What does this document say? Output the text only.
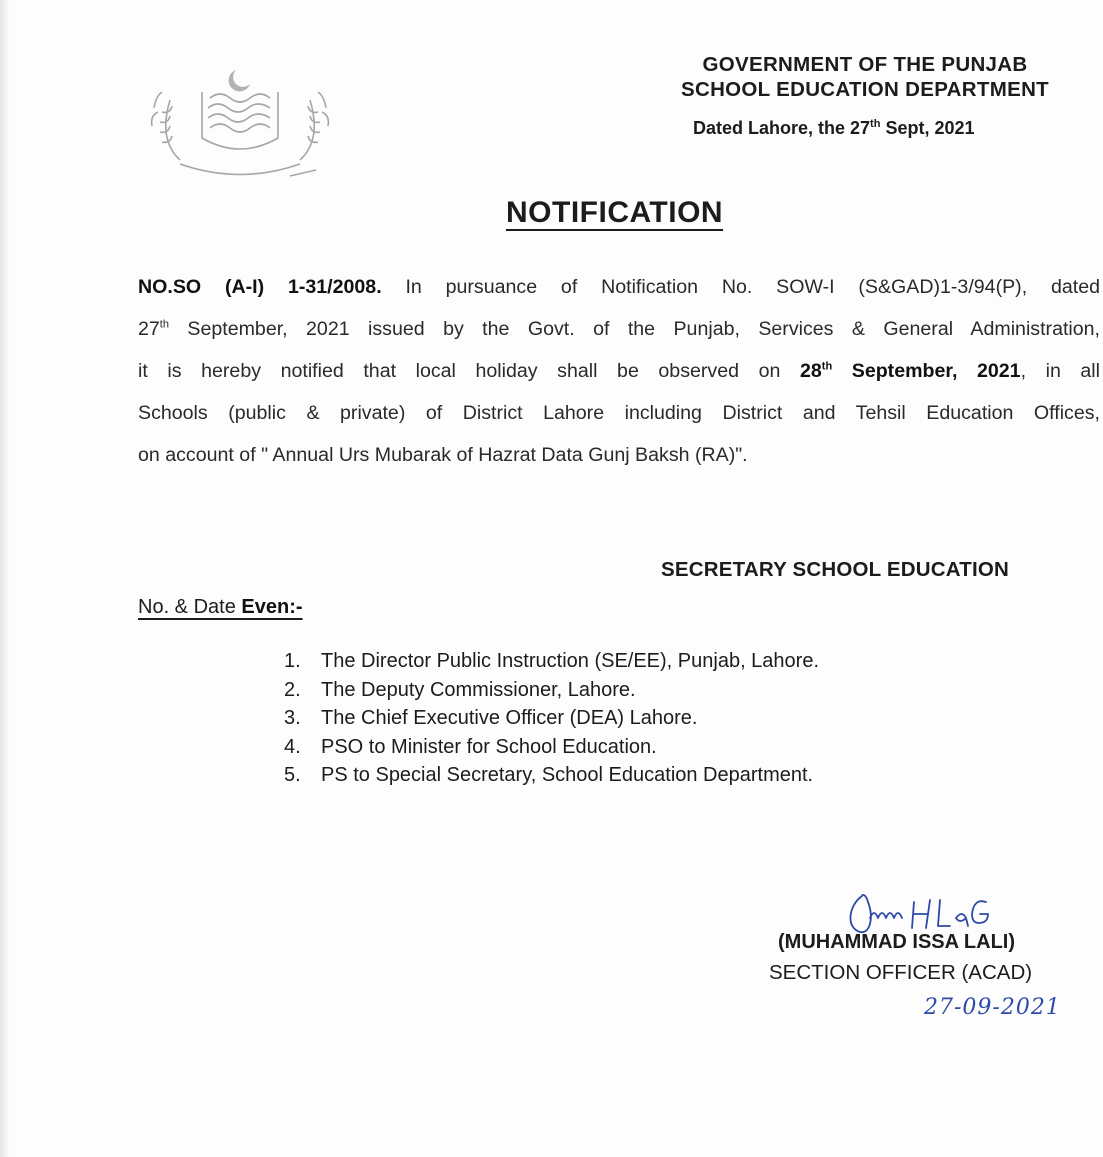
GOVERNMENT OF THE PUNJAB
SCHOOL EDUCATION DEPARTMENT
Dated Lahore, the 27th Sept, 2021
NOTIFICATION
NO.SO (A-I) 1-31/2008. In pursuance of Notification No. SOW-I (S&GAD)1-3/94(P), dated
27th September, 2021 issued by the Govt. of the Punjab, Services & General Administration,
it is hereby notified that local holiday shall be observed on 28th September, 2021, in all
Schools (public & private) of District Lahore including District and Tehsil Education Offices,
on account of " Annual Urs Mubarak of Hazrat Data Gunj Baksh (RA)".
SECRETARY SCHOOL EDUCATION
No. & Date Even:-
1.	The Director Public Instruction (SE/EE), Punjab, Lahore.
2.	The Deputy Commissioner, Lahore.
3.	The Chief Executive Officer (DEA) Lahore.
4.	PSO to Minister for School Education.
5.	PS to Special Secretary, School Education Department.
(MUHAMMAD ISSA LALI)
SECTION OFFICER (ACAD)
27-09-2021
